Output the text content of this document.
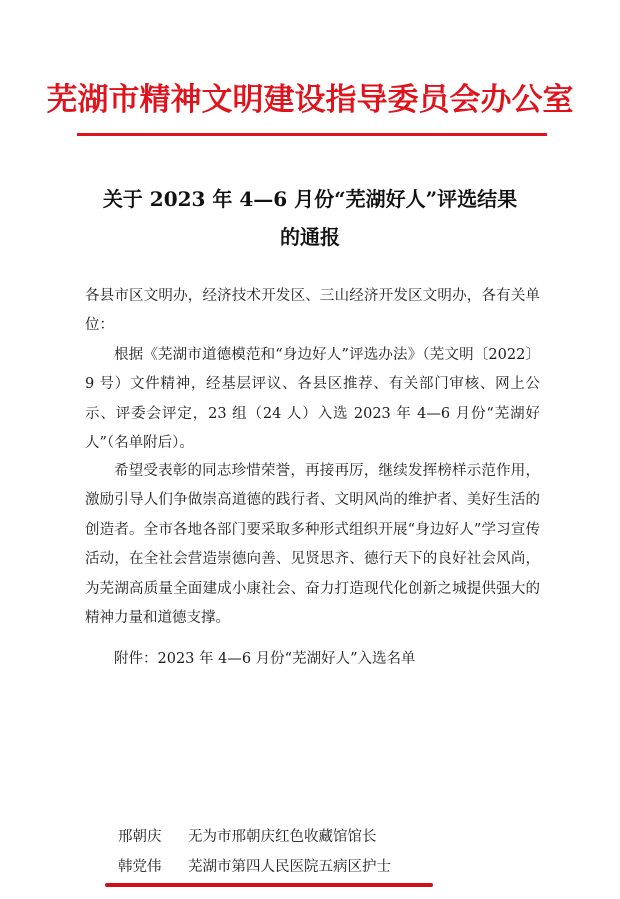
芜湖市精神文明建设指导委员会办公室
关于 2023 年 4—6 月份“芜湖好人”评选结果
的通报
各县市区文明办，经济技术开发区、三山经济开发区文明办，各有关单位：
根据《芜湖市道德模范和“身边好人”评选办法》（芜文明〔2022〕9 号）文件精神，经基层评议、各县区推荐、有关部门审核、网上公示、评委会评定，23 组（24 人）入选 2023 年 4—6 月份“芜湖好人”（名单附后）。
希望受表彰的同志珍惜荣誉，再接再厉，继续发挥榜样示范作用，激励引导人们争做崇高道德的践行者、文明风尚的维护者、美好生活的创造者。全市各地各部门要采取多种形式组织开展“身边好人”学习宣传活动，在全社会营造崇德向善、见贤思齐、德行天下的良好社会风尚，为芜湖高质量全面建成小康社会、奋力打造现代化创新之城提供强大的精神力量和道德支撑。
附件：2023 年 4—6 月份“芜湖好人”入选名单
邢朝庆	无为市邢朝庆红色收藏馆馆长
韩党伟	芜湖市第四人民医院五病区护士
